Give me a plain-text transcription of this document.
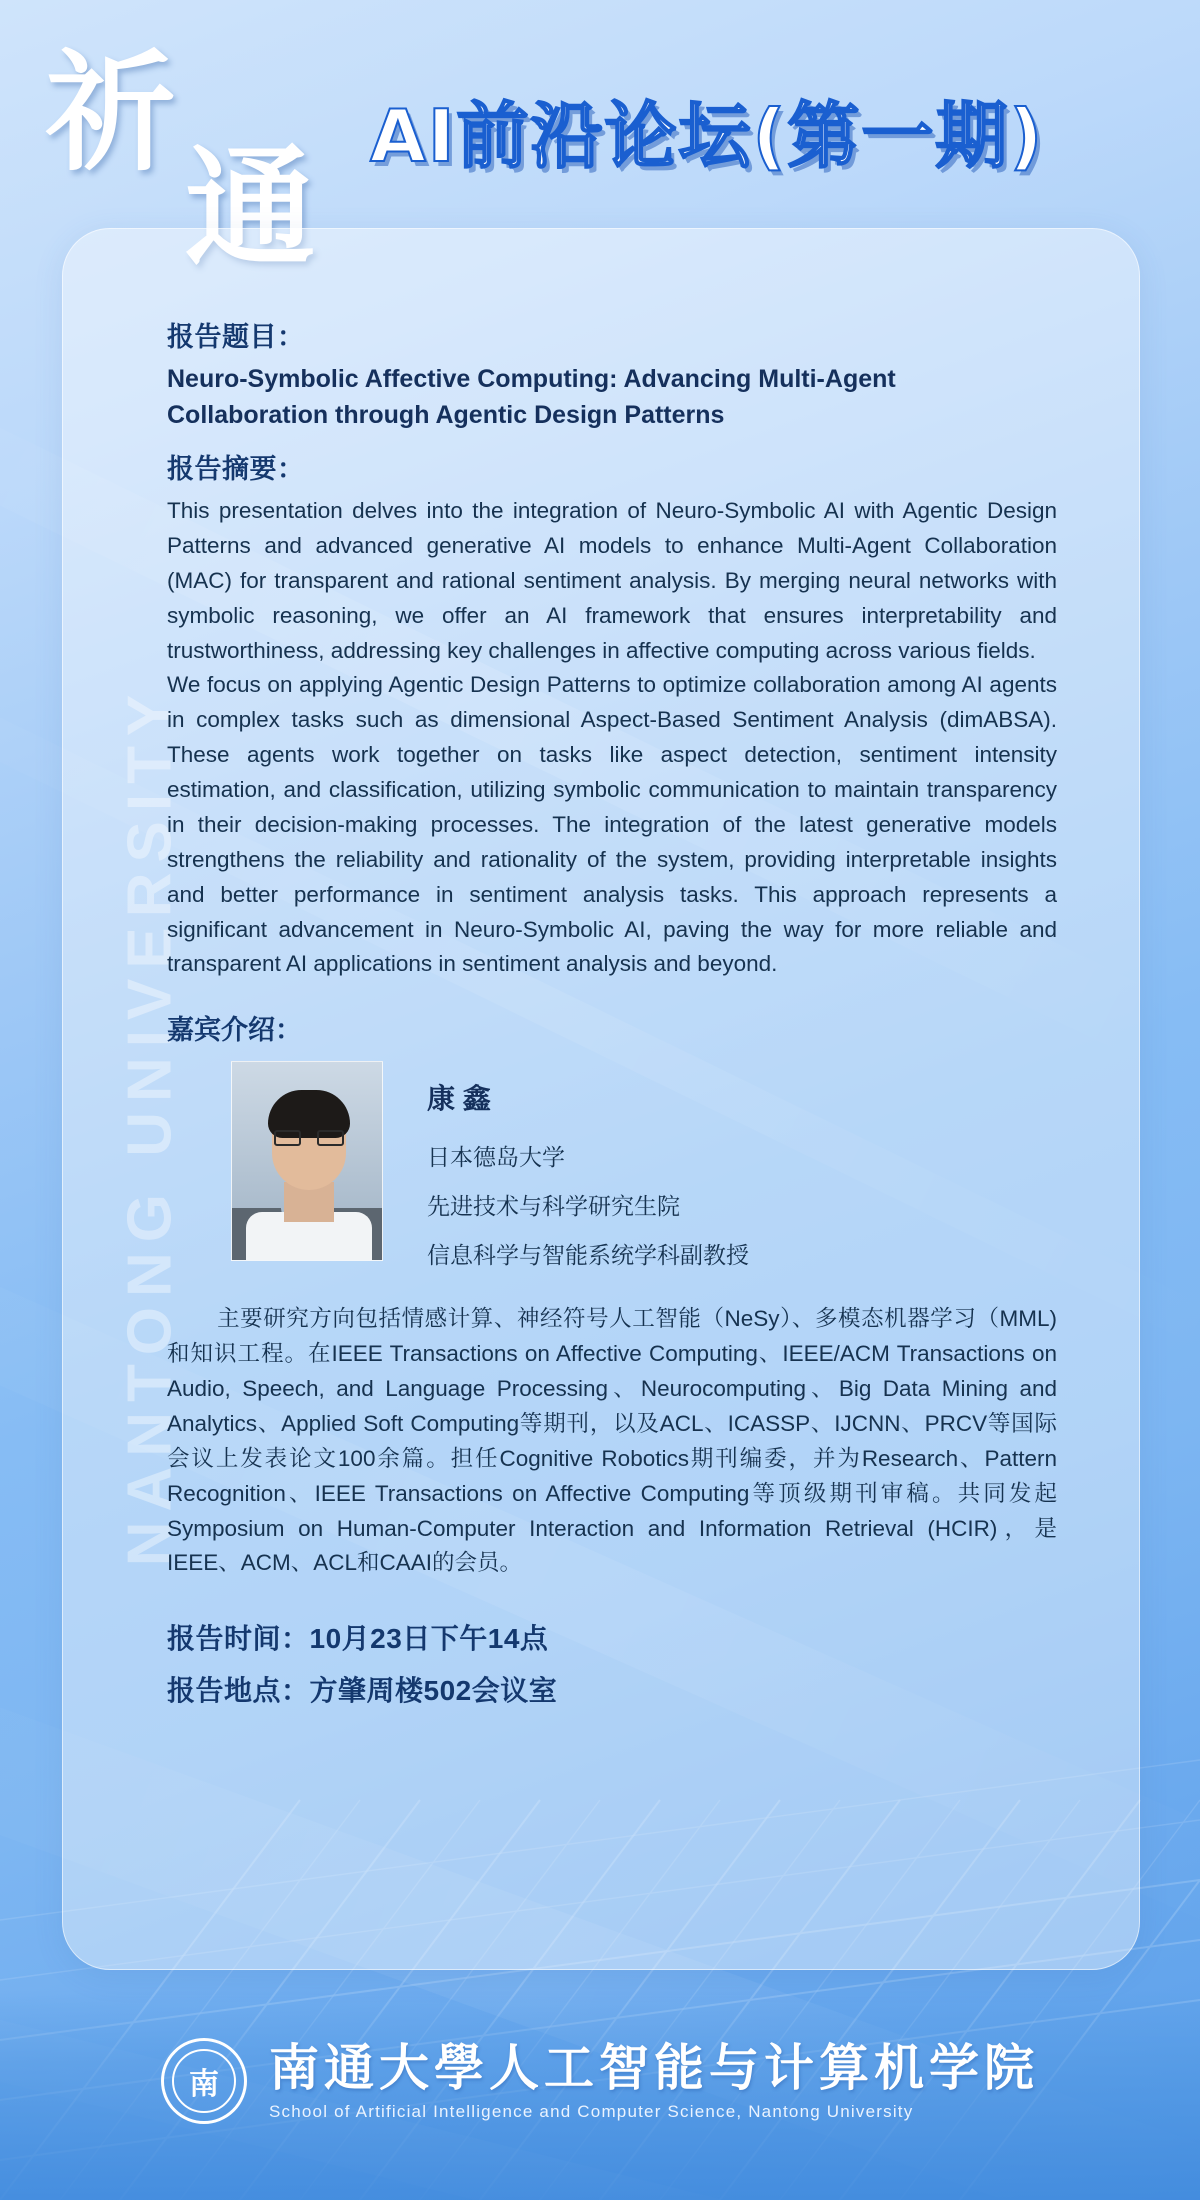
NANTONG UNIVERSITY
祈
通 AI前沿论坛(第一期)
报告题目：
Neuro-Symbolic Affective Computing: Advancing Multi-Agent Collaboration through Agentic Design Patterns
报告摘要：

This presentation delves into the integration of Neuro-Symbolic AI with Agentic Design Patterns and advanced generative AI models to enhance Multi-Agent Collaboration (MAC) for transparent and rational sentiment analysis. By merging neural networks with symbolic reasoning, we offer an AI framework that ensures interpretability and trustworthiness, addressing key challenges in affective computing across various fields.

We focus on applying Agentic Design Patterns to optimize collaboration among AI agents in complex tasks such as dimensional Aspect-Based Sentiment Analysis (dimABSA). These agents work together on tasks like aspect detection, sentiment intensity estimation, and classification, utilizing symbolic communication to maintain transparency in their decision-making processes. The integration of the latest generative models strengthens the reliability and rationality of the system, providing interpretable insights and better performance in sentiment analysis tasks. This approach represents a significant advancement in Neuro-Symbolic AI, paving the way for more reliable and transparent AI applications in sentiment analysis and beyond.

嘉宾介绍：
康 鑫
日本德岛大学
先进技术与科学研究生院
信息科学与智能系统学科副教授
主要研究方向包括情感计算、神经符号人工智能（NeSy）、多模态机器学习（MML)和知识工程。在IEEE Transactions on Affective Computing、IEEE/ACM Transactions on Audio, Speech, and Language Processing、Neurocomputing、Big Data Mining and Analytics、Applied Soft Computing等期刊，以及ACL、ICASSP、IJCNN、PRCV等国际会议上发表论文100余篇。担任Cognitive Robotics期刊编委，并为Research、Pattern Recognition、IEEE Transactions on Affective Computing等顶级期刊审稿。共同发起Symposium on Human-Computer Interaction and Information Retrieval (HCIR)，是IEEE、ACM、ACL和CAAI的会员。
报告时间：10月23日下午14点
报告地点：方肇周楼502会议室
南 南通大學人工智能与计算机学院
School of Artificial Intelligence and Computer Science, Nantong University
